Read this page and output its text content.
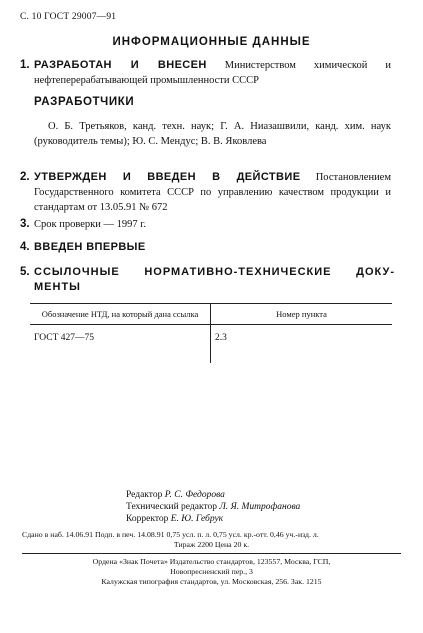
С. 10 ГОСТ 29007—91
ИНФОРМАЦИОННЫЕ ДАННЫЕ
1. РАЗРАБОТАН И ВНЕСЕН Министерством химической и нефтеперерабатывающей промышленности СССР
РАЗРАБОТЧИКИ
О. Б. Третьяков, канд. техн. наук; Г. А. Ниазашвили, канд. хим. наук (руководитель темы); Ю. С. Мендус; В. В. Яковлева
2. УТВЕРЖДЕН И ВВЕДЕН В ДЕЙСТВИЕ Постановлением Государственного комитета СССР по управлению качеством продукции и стандартам от 13.05.91 № 672
3. Срок проверки — 1997 г.
4. ВВЕДЕН ВПЕРВЫЕ
5. ССЫЛОЧНЫЕ НОРМАТИВНО-ТЕХНИЧЕСКИЕ ДОКУ-
МЕНТЫ
Обозначение НТД, на который дана ссылка	Номер пункта
ГОСТ 427—75	2.3
Редактор Р. С. Федорова
Технический редактор Л. Я. Митрофанова
Корректор Е. Ю. Гебрук
Сдано в наб. 14.06.91 Подп. в печ. 14.08.91 0,75 усл. п. л. 0,75 усл. кр.-отт. 0,46 уч.-изд. л.
Тираж 2200 Цена 20 к.
Ордена «Знак Почета» Издательство стандартов, 123557, Москва, ГСП,
Новопресненский пер., 3
Калужская типография стандартов, ул. Московская, 256. Зак. 1215
